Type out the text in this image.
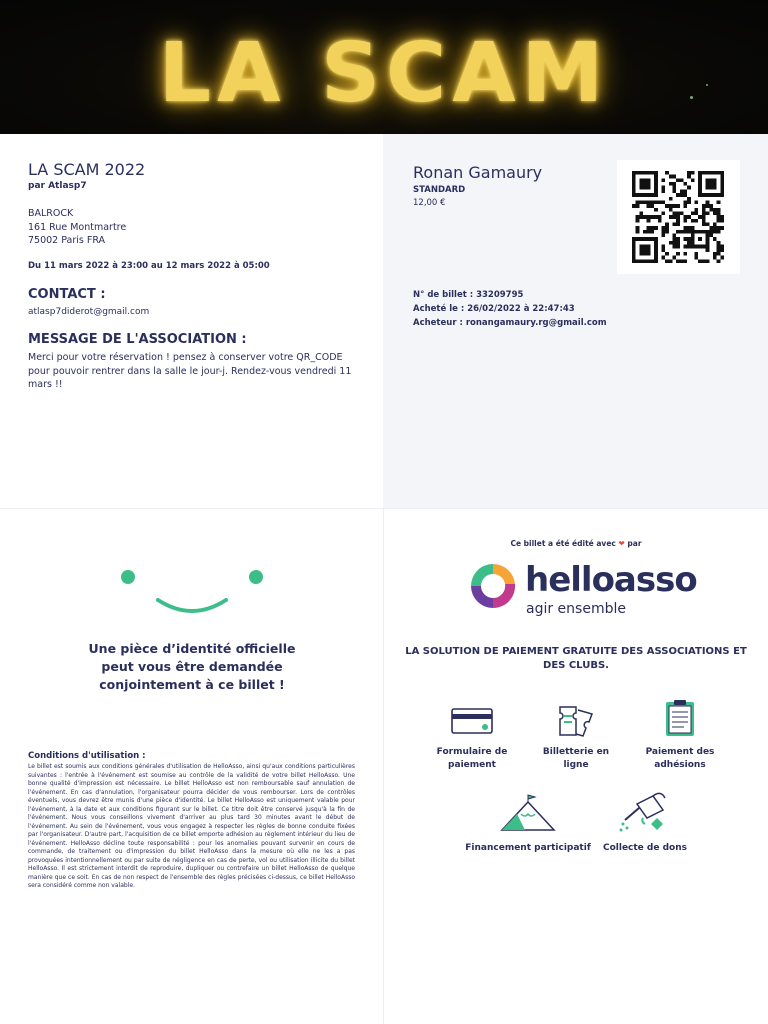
LA SCAM
LA SCAM 2022
par Atlasp7
BALROCK
161 Rue Montmartre
75002 Paris FRA
Du 11 mars 2022 à 23:00 au 12 mars 2022 à 05:00
CONTACT :
atlasp7diderot@gmail.com
MESSAGE DE L'ASSOCIATION :
Merci pour votre réservation ! pensez à conserver votre QR_CODE pour pouvoir rentrer dans la salle le jour-j. Rendez-vous vendredi 11 mars !!
Ronan Gamaury
STANDARD
12,00 €
N° de billet : 33209795
Acheté le : 26/02/2022 à 22:47:43
Acheteur : ronangamaury.rg@gmail.com
Une pièce d’identité officielle
peut vous être demandée
conjointement à ce billet !
Conditions d'utilisation :
Le billet est soumis aux conditions générales d'utilisation de HelloAsso, ainsi qu'aux conditions particulières suivantes : l'entrée à l'événement est soumise au contrôle de la validité de votre billet HelloAsso. Une bonne qualité d'impression est nécessaire. Le billet HelloAsso est non remboursable sauf annulation de l'événement. En cas d'annulation, l'organisateur pourra décider de vous rembourser. Lors de contrôles éventuels, vous devrez être munis d'une pièce d'identité. Le billet HelloAsso est uniquement valable pour l'événement, à la date et aux conditions figurant sur le billet. Ce titre doit être conservé jusqu'à la fin de l'événement. Nous vous conseillons vivement d'arriver au plus tard 30 minutes avant le début de l'événement. Au sein de l'événement, vous vous engagez à respecter les règles de bonne conduite fixées par l'organisateur. D'autre part, l'acquisition de ce billet emporte adhésion au règlement intérieur du lieu de l'événement. HelloAsso décline toute responsabilité : pour les anomalies pouvant survenir en cours de commande, de traitement ou d'impression du billet HelloAsso dans la mesure où elle ne les a pas provoquées intentionnellement ou par suite de négligence en cas de perte, vol ou utilisation illicite du billet HelloAsso. Il est strictement interdit de reproduire, dupliquer ou contrefaire un billet HelloAsso de quelque manière que ce soit. En cas de non respect de l'ensemble des règles précisées ci-dessus, ce billet HelloAsso sera considéré comme non valable.
Ce billet a été édité avec ❤ par
helloasso
agir ensemble
LA SOLUTION DE PAIEMENT GRATUITE DES ASSOCIATIONS ET DES CLUBS.
Formulaire de
paiement
Billetterie en
ligne
Paiement des
adhésions
Financement participatif	Collecte de dons
